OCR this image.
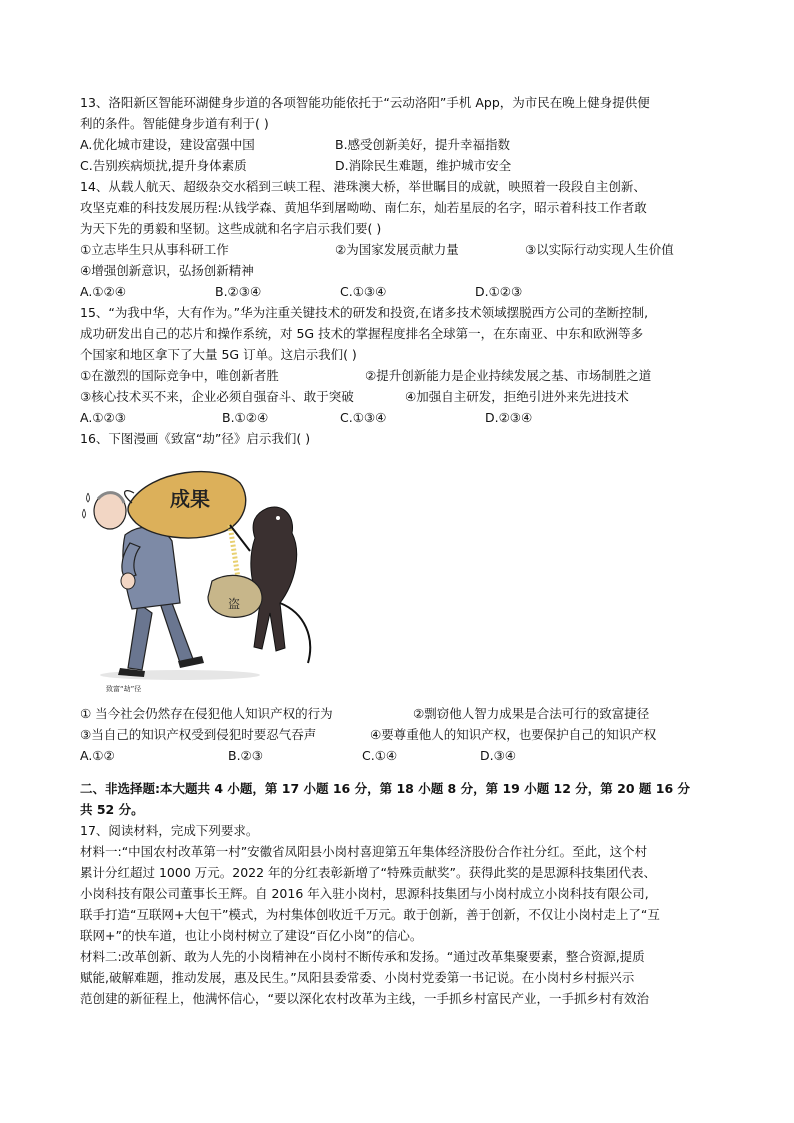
13、洛阳新区智能环湖健身步道的各项智能功能依托于“云动洛阳”手机 App，为市民在晚上健身提供便
利的条件。智能健身步道有利于( )
A.优化城市建设，建设富强中国	B.感受创新美好，提升幸福指数
C.告别疾病烦扰,提升身体素质	D.消除民生难题，维护城市安全
14、从载人航天、超级杂交水稻到三峡工程、港珠澳大桥，举世瞩目的成就，映照着一段段自主创新、
攻坚克难的科技发展历程:从钱学森、黄旭华到屠呦呦、南仁东，灿若星辰的名字，昭示着科技工作者敢
为天下先的勇毅和坚韧。这些成就和名字启示我们要( )
①立志毕生只从事科研工作	②为国家发展贡献力量	③以实际行动实现人生价值
④增强创新意识，弘扬创新精神
A.①②④	B.②③④	C.①③④	D.①②③
15、“为我中华，大有作为。”华为注重关键技术的研发和投资,在诸多技术领域摆脱西方公司的垄断控制,
成功研发出自己的芯片和操作系统，对 5G 技术的掌握程度排名全球第一，在东南亚、中东和欧洲等多
个国家和地区拿下了大量 5G 订单。这启示我们( )
①在激烈的国际竞争中，唯创新者胜	②提升创新能力是企业持续发展之基、市场制胜之道
③核心技术买不来，企业必须自强奋斗、敢于突破	④加强自主研发，拒绝引进外来先进技术
A.①②③	B.①②④	C.①③④	D.②③④
16、下图漫画《致富“劫”径》启示我们( )
成果
盗
致富“劫”径
① 当今社会仍然存在侵犯他人知识产权的行为	②剽窃他人智力成果是合法可行的致富捷径
③当自己的知识产权受到侵犯时要忍气吞声	④要尊重他人的知识产权，也要保护自己的知识产权
A.①②	B.②③	C.①④	D.③④
二、非选择题:本大题共 4 小题，第 17 小题 16 分，第 18 小题 8 分，第 19 小题 12 分，第 20 题 16 分
共 52 分。
17、阅读材料，完成下列要求。
材料一:“中国农村改革第一村”安徽省凤阳县小岗村喜迎第五年集体经济股份合作社分红。至此，这个村
累计分红超过 1000 万元。2022 年的分红表彰新增了“特殊贡献奖”。获得此奖的是思源科技集团代表、
小岗科技有限公司董事长王辉。自 2016 年入驻小岗村，思源科技集团与小岗村成立小岗科技有限公司,
联手打造“互联网+大包干”模式，为村集体创收近千万元。敢于创新，善于创新，不仅让小岗村走上了“互
联网+”的快车道，也让小岗村树立了建设“百亿小岗”的信心。
材料二:改革创新、敢为人先的小岗精神在小岗村不断传承和发扬。“通过改革集聚要素，整合资源,提质
赋能,破解难题，推动发展，惠及民生。”凤阳县委常委、小岗村党委第一书记说。在小岗村乡村振兴示
范创建的新征程上，他满怀信心，“要以深化农村改革为主线，一手抓乡村富民产业，一手抓乡村有效治
